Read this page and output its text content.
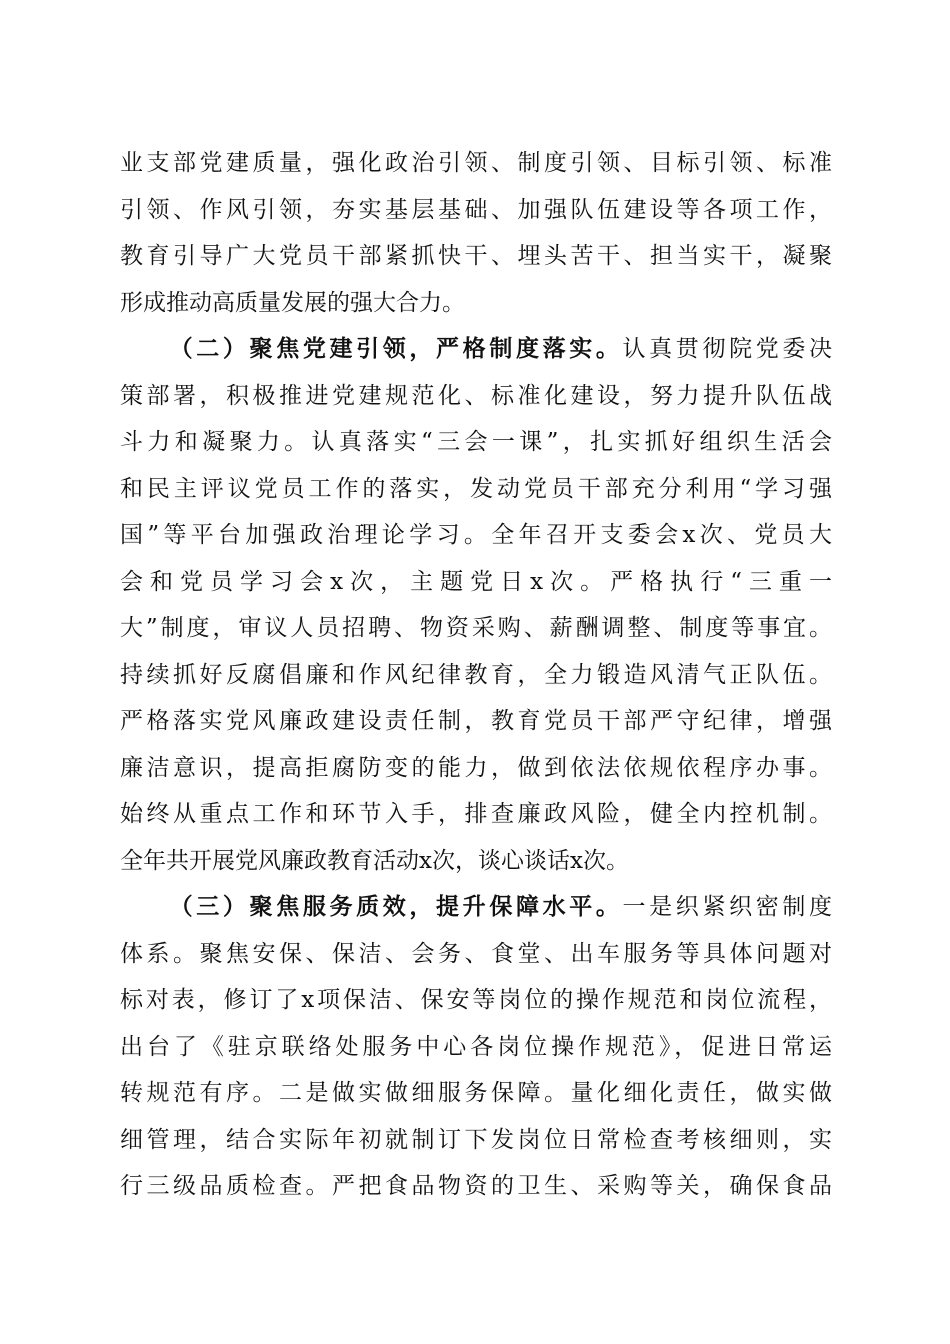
业支部党建质量，强化政治引领、制度引领、目标引领、标准
引领、作风引领，夯实基层基础、加强队伍建设等各项工作，
教育引导广大党员干部紧抓快干、埋头苦干、担当实干，凝聚
形成推动高质量发展的强大合力。
（二）聚焦党建引领，严格制度落实。认真贯彻院党委决
策部署，积极推进党建规范化、标准化建设，努力提升队伍战
斗力和凝聚力。认真落实“三会一课”，扎实抓好组织生活会
和民主评议党员工作的落实，发动党员干部充分利用“学习强
国”等平台加强政治理论学习。全年召开支委会x次、党员大
会和党员学习会x次，主题党日x次。严格执行“三重一
大”制度，审议人员招聘、物资采购、薪酬调整、制度等事宜。
持续抓好反腐倡廉和作风纪律教育，全力锻造风清气正队伍。
严格落实党风廉政建设责任制，教育党员干部严守纪律，增强
廉洁意识，提高拒腐防变的能力，做到依法依规依程序办事。
始终从重点工作和环节入手，排查廉政风险，健全内控机制。
全年共开展党风廉政教育活动x次，谈心谈话x次。
（三）聚焦服务质效，提升保障水平。一是织紧织密制度
体系。聚焦安保、保洁、会务、食堂、出车服务等具体问题对
标对表，修订了x项保洁、保安等岗位的操作规范和岗位流程，
出台了《驻京联络处服务中心各岗位操作规范》，促进日常运
转规范有序。二是做实做细服务保障。量化细化责任，做实做
细管理，结合实际年初就制订下发岗位日常检查考核细则，实
行三级品质检查。严把食品物资的卫生、采购等关，确保食品
